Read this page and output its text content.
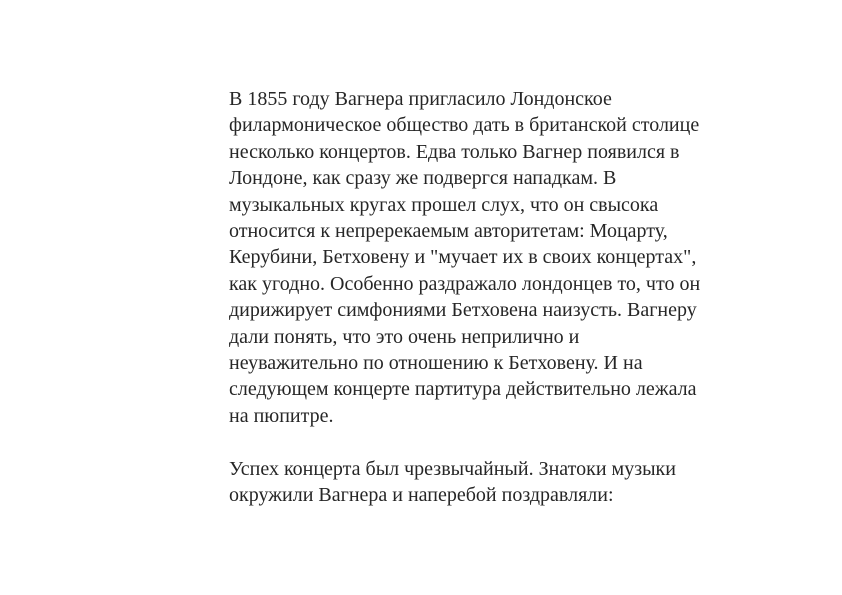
В 1855 году Вагнера пригласило Лондонское
филармоническое общество дать в британской столице
несколько концертов. Едва только Вагнер появился в
Лондоне, как сразу же подвергся нападкам. В
музыкальных кругах прошел слух, что он свысока
относится к непререкаемым авторитетам: Моцарту,
Керубини, Бетховену и "мучает их в своих концертах",
как угодно. Особенно раздражало лондонцев то, что он
дирижирует симфониями Бетховена наизусть. Вагнеру
дали понять, что это очень неприлично и
неуважительно по отношению к Бетховену. И на
следующем концерте партитура действительно лежала
на пюпитре.

Успех концерта был чрезвычайный. Знатоки музыки
окружили Вагнера и наперебой поздравляли:
